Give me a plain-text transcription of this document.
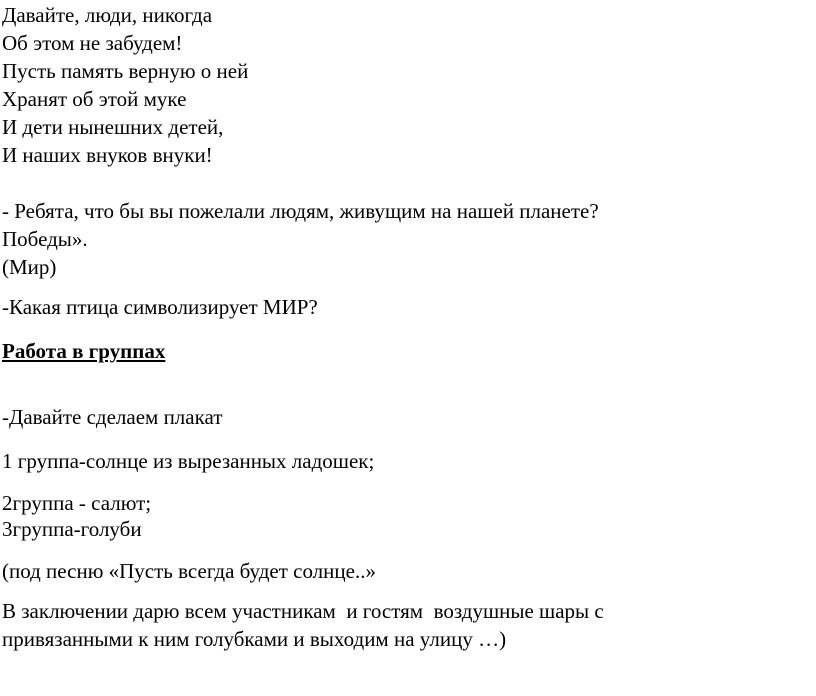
Давайте, люди, никогда
Об этом не забудем!
Пусть память верную о ней
Хранят об этой муке
И дети нынешних детей,
И наших внуков внуки!
- Ребята, что бы вы пожелали людям, живущим на нашей планете?
Победы».
(Мир)
-Какая птица символизирует МИР?
Работа в группах
-Давайте сделаем плакат
1 группа-солнце из вырезанных ладошек;
2группа - салют;
3группа-голуби
(под песню «Пусть всегда будет солнце..»
В заключении дарю всем участникам  и гостям  воздушные шары с
привязанными к ним голубками и выходим на улицу …)
